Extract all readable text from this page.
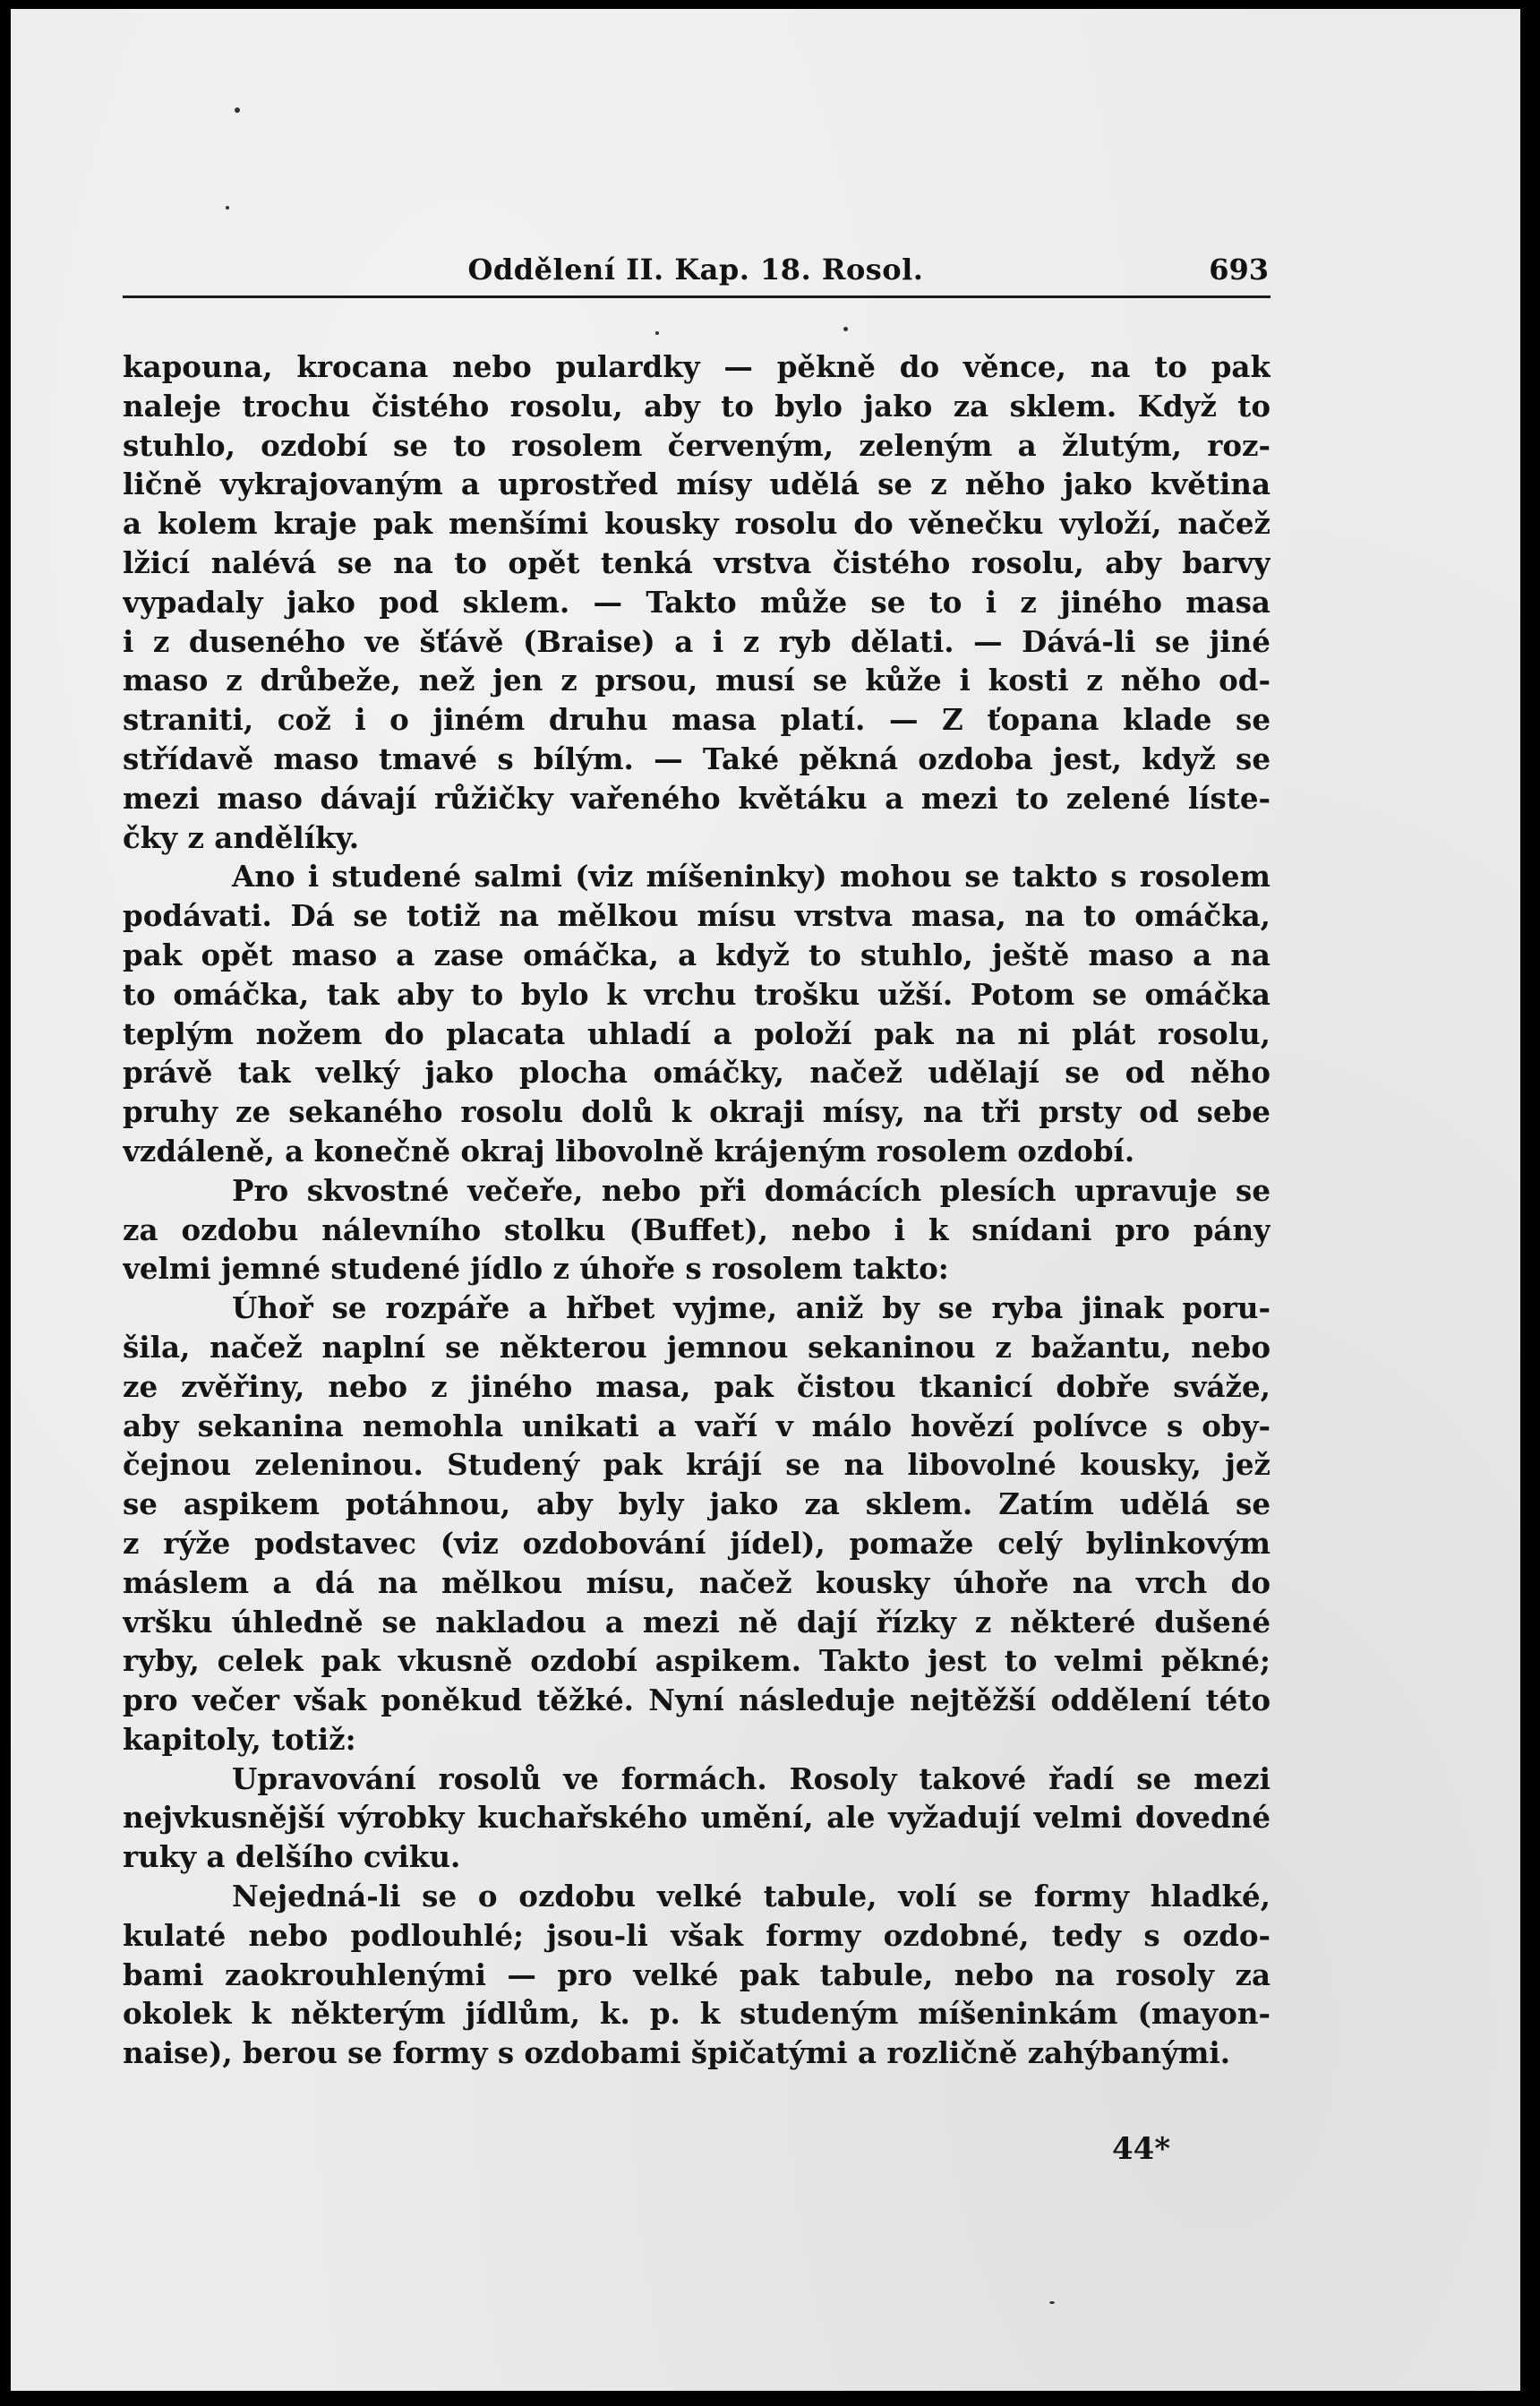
Oddělení II. Kap. 18. Rosol.	693

kapouna, krocana nebo pulardky — pěkně do věnce, na to pak
naleje trochu čistého rosolu, aby to bylo jako za sklem. Když to
stuhlo, ozdobí se to rosolem červeným, zeleným a žlutým, roz-
ličně vykrajovaným a uprostřed mísy udělá se z něho jako květina
a kolem kraje pak menšími kousky rosolu do věnečku vyloží, načež
lžicí nalévá se na to opět tenká vrstva čistého rosolu, aby barvy
vypadaly jako pod sklem. — Takto může se to i z jiného masa
i z duseného ve šťávě (Braise) a i z ryb dělati. — Dává-li se jiné
maso z drůbeže, než jen z prsou, musí se kůže i kosti z něho od-
straniti, což i o jiném druhu masa platí. — Z ťopana klade se
střídavě maso tmavé s bílým. — Také pěkná ozdoba jest, když se
mezi maso dávají růžičky vařeného květáku a mezi to zelené líste-
čky z andělíky.

Ano i studené salmi (viz míšeninky) mohou se takto s rosolem
podávati. Dá se totiž na mělkou mísu vrstva masa, na to omáčka,
pak opět maso a zase omáčka, a když to stuhlo, ještě maso a na
to omáčka, tak aby to bylo k vrchu trošku užší. Potom se omáčka
teplým nožem do placata uhladí a položí pak na ni plát rosolu,
právě tak velký jako plocha omáčky, načež udělají se od něho
pruhy ze sekaného rosolu dolů k okraji mísy, na tři prsty od sebe
vzdáleně, a konečně okraj libovolně krájeným rosolem ozdobí.

Pro skvostné večeře, nebo při domácích plesích upravuje se
za ozdobu nálevního stolku (Buffet), nebo i k snídani pro pány
velmi jemné studené jídlo z úhoře s rosolem takto:

Úhoř se rozpáře a hřbet vyjme, aniž by se ryba jinak poru-
šila, načež naplní se některou jemnou sekaninou z bažantu, nebo
ze zvěřiny, nebo z jiného masa, pak čistou tkanicí dobře sváže,
aby sekanina nemohla unikati a vaří v málo hovězí polívce s oby-
čejnou zeleninou. Studený pak krájí se na libovolné kousky, jež
se aspikem potáhnou, aby byly jako za sklem. Zatím udělá se
z rýže podstavec (viz ozdobování jídel), pomaže celý bylinkovým
máslem a dá na mělkou mísu, načež kousky úhoře na vrch do
vršku úhledně se nakladou a mezi ně dají řízky z některé dušené
ryby, celek pak vkusně ozdobí aspikem. Takto jest to velmi pěkné;
pro večer však poněkud těžké. Nyní následuje nejtěžší oddělení této
kapitoly, totiž:

Upravování rosolů ve formách. Rosoly takové řadí se mezi
nejvkusnější výrobky kuchařského umění, ale vyžadují velmi dovedné
ruky a delšího cviku.

Nejedná-li se o ozdobu velké tabule, volí se formy hladké,
kulaté nebo podlouhlé; jsou-li však formy ozdobné, tedy s ozdo-
bami zaokrouhlenými — pro velké pak tabule, nebo na rosoly za
okolek k některým jídlům, k. p. k studeným míšeninkám (mayon-
naise), berou se formy s ozdobami špičatými a rozličně zahýbanými.

44*
